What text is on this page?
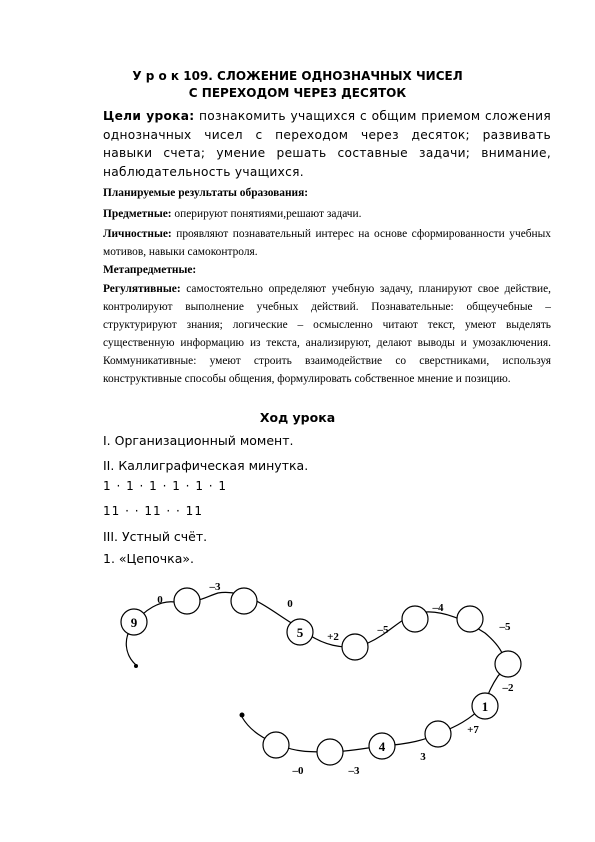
У р о к 109. СЛОЖЕНИЕ ОДНОЗНАЧНЫХ ЧИСЕЛ
С ПЕРЕХОДОМ ЧЕРЕЗ ДЕСЯТОК
Цели урока: познакомить учащихся с общим приемом сложения однозначных чисел с переходом через десяток; развивать навыки счета; умение решать составные задачи; внимание, наблюдательность учащихся.
Планируемые результаты образования:
Предметные: оперируют понятиями,решают задачи.
Личностные: проявляют познавательный интерес на основе сформированности учебных мотивов, навыки самоконтроля.
Метапредметные:
Регулятивные: самостоятельно определяют учебную задачу, планируют свое действие, контролируют выполнение учебных действий. Познавательные: общеучебные – структурируют знания; логические – осмысленно читают текст, умеют выделять существенную информацию из текста, анализируют, делают выводы и умозаключения. Коммуникативные: умеют строить взаимодействие со сверстниками, используя конструктивные способы общения, формулировать собственное мнение и позицию.
Ход урока
I. Организационный момент.
II. Каллиграфическая минутка.
1 · 1 · 1 · 1 · 1 · 1
11 · · 11 · · 11
III. Устный счёт.
1. «Цепочка».
9
5
1
4
0
–3
0
+2
–5
–4
–5
–2
+7
3
–3
–0
